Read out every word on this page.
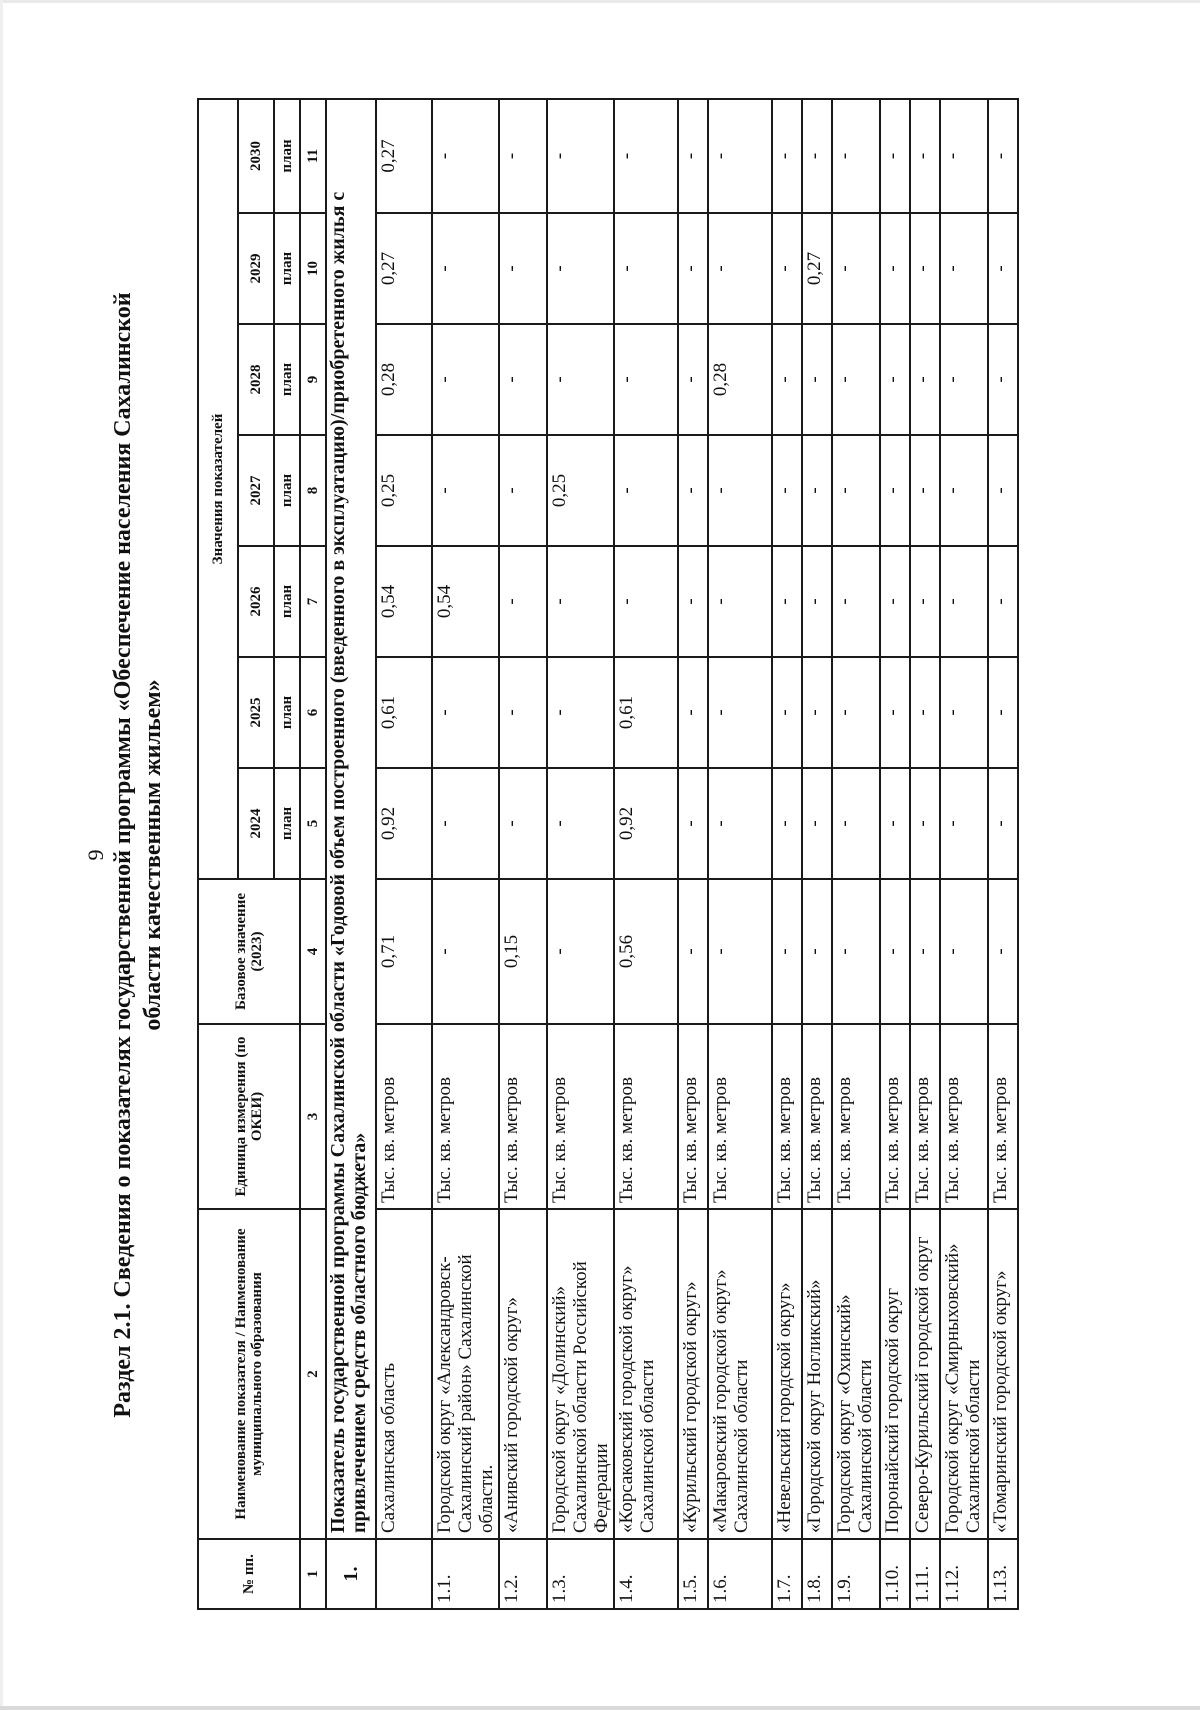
9 Раздел 2.1. Сведения о показателях государственной программы «Обеспечение населения Сахалинской области качественным жильем»
№ пп.	Наименование показателя / Наименование муниципального образования	Единица измерения (по ОКЕИ)	Базовое значение (2023)	Значения показателей						
				2024	2025	2026	2027	2028	2029	2030
				план	план	план	план	план	план	план
1	2	3	4	5	6	7	8	9	10	11
1.	Показатель государственной программы Сахалинской области «Годовой объем построенного (введенного в эксплуатацию)/приобретенного жилья с привлечением средств областного бюджета»									
	Сахалинская область	Тыс. кв. метров	0,71	0,92	0,61	0,54	0,25	0,28	0,27	0,27
1.1.	Городской округ «Александровск-Сахалинский район» Сахалинской области.	Тыс. кв. метров	-	-	-	0,54	-	-	-	-
1.2.	«Анивский городской округ»	Тыс. кв. метров	0,15	-	-	-	-	-	-	-
1.3.	Городской округ «Долинский» Сахалинской области Российской Федерации	Тыс. кв. метров	-	-	-	-	0,25	-	-	-
1.4.	«Корсаковский городской округ» Сахалинской области	Тыс. кв. метров	0,56	0,92	0,61	-	-	-	-	-
1.5.	«Курильский городской округ»	Тыс. кв. метров	-	-	-	-	-	-	-	-
1.6.	«Макаровский городской округ» Сахалинской области	Тыс. кв. метров	-	-	-	-	-	0,28	-	-
1.7.	«Невельский городской округ»	Тыс. кв. метров	-	-	-	-	-	-	-	-
1.8.	«Городской округ Ногликский»	Тыс. кв. метров	-	-	-	-	-	-	0,27	-
1.9.	Городской округ «Охинский» Сахалинской области	Тыс. кв. метров	-	-	-	-	-	-	-	-
1.10.	Поронайский городской округ	Тыс. кв. метров	-	-	-	-	-	-	-	-
1.11.	Северо-Курильский городской округ	Тыс. кв. метров	-	-	-	-	-	-	-	-
1.12.	Городской округ «Смирныховский» Сахалинской области	Тыс. кв. метров	-	-	-	-	-	-	-	-
1.13.	«Томаринский городской округ»	Тыс. кв. метров	-	-	-	-	-	-	-	-
